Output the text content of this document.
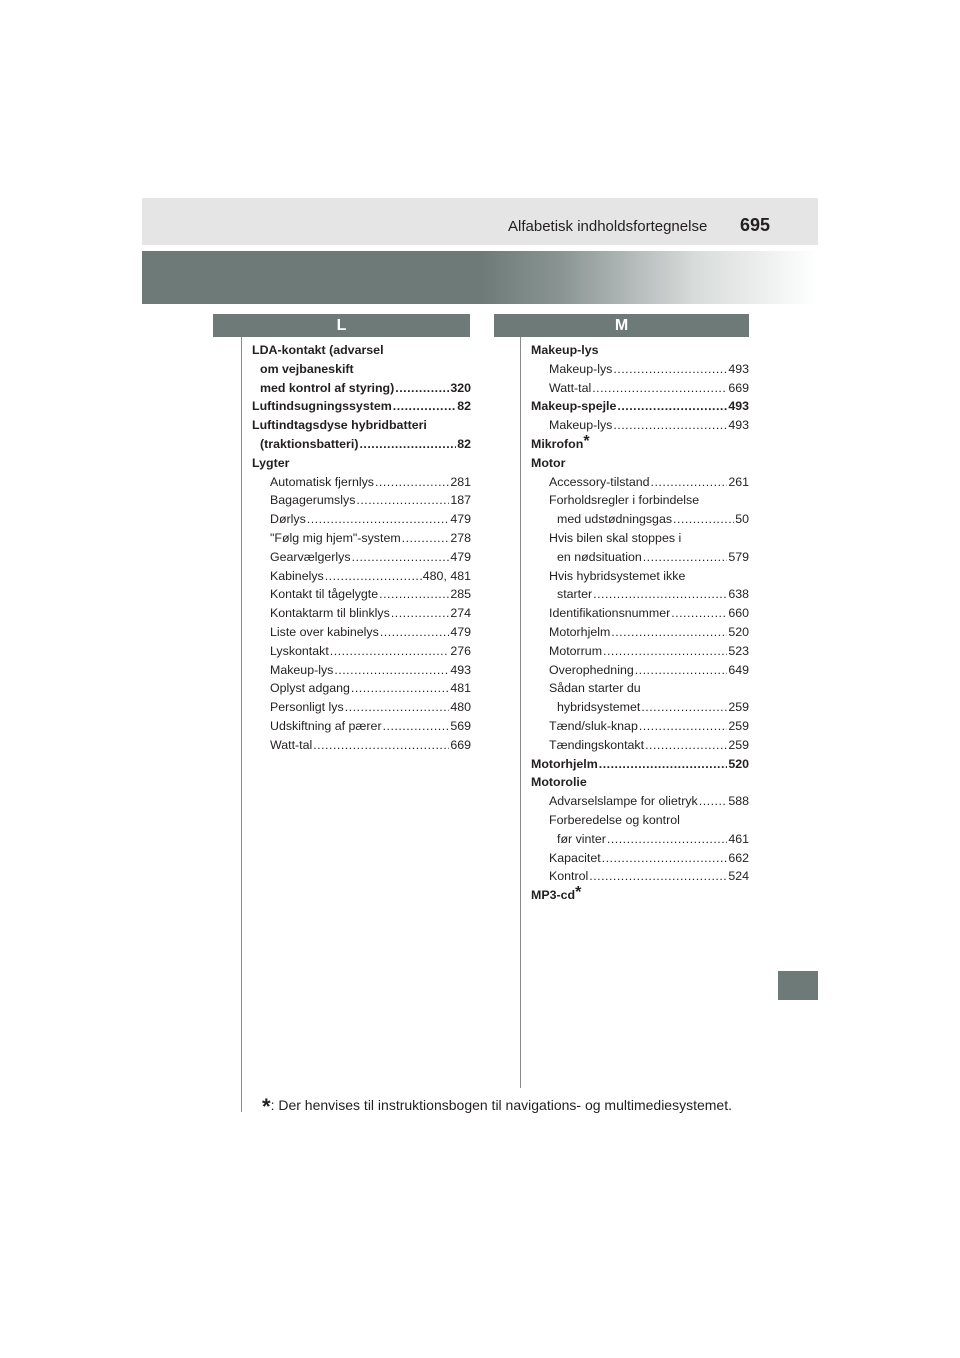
Alfabetisk indholdsfortegnelse 695
L	M
LDA-kontakt (advarsel
om vejbaneskift
med kontrol af styring) .....	320
Luftindsugningssystem .....	82
Luftindtagsdyse hybridbatteri
(traktionsbatteri) .....	82
Lygter
Automatisk fjernlys .....	281
Bagagerumslys .....	187
Dørlys .....	479
"Følg mig hjem"-system .....	278
Gearvælgerlys .....	479
Kabinelys .....	480, 481
Kontakt til tågelygte .....	285
Kontaktarm til blinklys .....	274
Liste over kabinelys .....	479
Lyskontakt .....	276
Makeup-lys .....	493
Oplyst adgang .....	481
Personligt lys .....	480
Udskiftning af pærer .....	569
Watt-tal .....	669
Makeup-lys
Makeup-lys .....	493
Watt-tal .....	669
Makeup-spejle .....	493
Makeup-lys .....	493
Mikrofon*
Motor
Accessory-tilstand .....	261
Forholdsregler i forbindelse
med udstødningsgas .....	50
Hvis bilen skal stoppes i
en nødsituation .....	579
Hvis hybridsystemet ikke
starter .....	638
Identifikationsnummer .....	660
Motorhjelm .....	520
Motorrum .....	523
Overophedning .....	649
Sådan starter du
hybridsystemet .....	259
Tænd/sluk-knap .....	259
Tændingskontakt .....	259
Motorhjelm .....	520
Motorolie
Advarselslampe for olietryk ..... 588
Forberedelse og kontrol
før vinter .....	461
Kapacitet .....	662
Kontrol .....	524
MP3-cd*
*: Der henvises til instruktionsbogen til navigations- og multimediesystemet.
